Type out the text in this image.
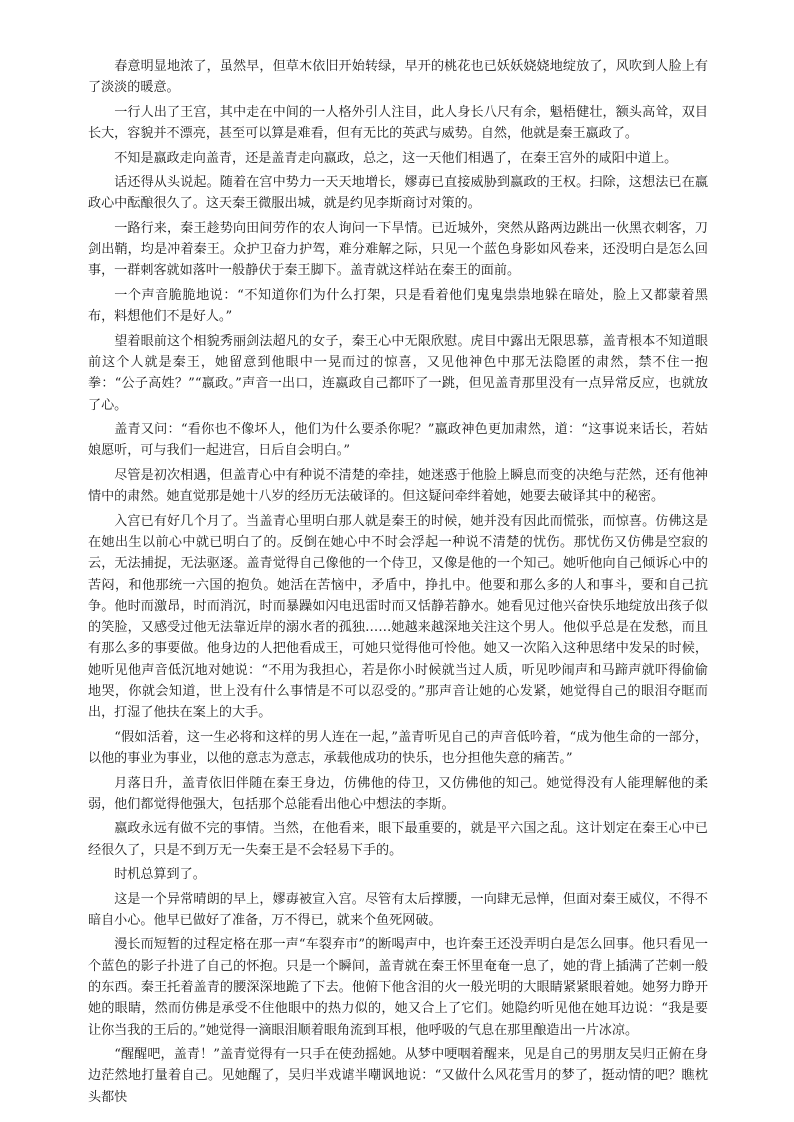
春意明显地浓了，虽然早，但草木依旧开始转绿，早开的桃花也已妖妖娆娆地绽放了，风吹到人脸上有了淡淡的暖意。

一行人出了王宫，其中走在中间的一人格外引人注目，此人身长八尺有余，魁梧健壮，额头高耸，双目长大，容貌并不漂亮，甚至可以算是难看，但有无比的英武与威势。自然，他就是秦王嬴政了。

不知是嬴政走向盖青，还是盖青走向嬴政，总之，这一天他们相遇了，在秦王宫外的咸阳中道上。

话还得从头说起。随着在宫中势力一天天地增长，嫪毐已直接威胁到嬴政的王权。扫除，这想法已在嬴政心中酝酿很久了。这天秦王微服出城，就是约见李斯商讨对策的。

一路行来，秦王趁势向田间劳作的农人询问一下旱情。已近城外，突然从路两边跳出一伙黑衣刺客，刀剑出鞘，均是冲着秦王。众护卫奋力护驾，难分难解之际，只见一个蓝色身影如风卷来，还没明白是怎么回事，一群刺客就如落叶一般静伏于秦王脚下。盖青就这样站在秦王的面前。

一个声音脆脆地说：“不知道你们为什么打架，只是看着他们鬼鬼祟祟地躲在暗处，脸上又都蒙着黑布，料想他们不是好人。”

望着眼前这个相貌秀丽剑法超凡的女子，秦王心中无限欣慰。虎目中露出无限思慕，盖青根本不知道眼前这个人就是秦王，她留意到他眼中一晃而过的惊喜，又见他神色中那无法隐匿的肃然，禁不住一抱拳：“公子高姓？”“嬴政。”声音一出口，连嬴政自己都吓了一跳，但见盖青那里没有一点异常反应，也就放了心。

盖青又问：“看你也不像坏人，他们为什么要杀你呢？”嬴政神色更加肃然，道：“这事说来话长，若姑娘愿听，可与我们一起进宫，日后自会明白。”

尽管是初次相遇，但盖青心中有种说不清楚的牵挂，她迷惑于他脸上瞬息而变的决绝与茫然，还有他神情中的肃然。她直觉那是她十八岁的经历无法破译的。但这疑问牵绊着她，她要去破译其中的秘密。

入宫已有好几个月了。当盖青心里明白那人就是秦王的时候，她并没有因此而慌张，而惊喜。仿佛这是在她出生以前心中就已明白了的。反倒在她心中不时会浮起一种说不清楚的忧伤。那忧伤又仿佛是空寂的云，无法捕捉，无法驱逐。盖青觉得自己像他的一个侍卫，又像是他的一个知己。她听他向自己倾诉心中的苦闷，和他那统一六国的抱负。她活在苦恼中，矛盾中，挣扎中。他要和那么多的人和事斗，要和自己抗争。他时而激昂，时而消沉，时而暴躁如闪电迅雷时而又恬静若静水。她看见过他兴奋快乐地绽放出孩子似的笑脸，又感受过他无法靠近岸的溺水者的孤独……她越来越深地关注这个男人。他似乎总是在发愁，而且有那么多的事要做。他身边的人把他看成王，可她只觉得他可怜他。她又一次陷入这种思绪中发呆的时候，她听见他声音低沉地对她说：“不用为我担心，若是你小时候就当过人质，听见吵闹声和马蹄声就吓得偷偷地哭，你就会知道，世上没有什么事情是不可以忍受的。”那声音让她的心发紧，她觉得自己的眼泪夺眶而出，打湿了他扶在案上的大手。

“假如活着，这一生必将和这样的男人连在一起，”盖青听见自己的声音低吟着，“成为他生命的一部分，以他的事业为事业，以他的意志为意志，承载他成功的快乐，也分担他失意的痛苦。”

月落日升，盖青依旧伴随在秦王身边，仿佛他的侍卫，又仿佛他的知己。她觉得没有人能理解他的柔弱，他们都觉得他强大，包括那个总能看出他心中想法的李斯。

嬴政永远有做不完的事情。当然，在他看来，眼下最重要的，就是平六国之乱。这计划定在秦王心中已经很久了，只是不到万无一失秦王是不会轻易下手的。

时机总算到了。

这是一个异常晴朗的早上，嫪毐被宣入宫。尽管有太后撑腰，一向肆无忌惮，但面对秦王威仪，不得不暗自小心。他早已做好了准备，万不得已，就来个鱼死网破。

漫长而短暂的过程定格在那一声“车裂弃市”的断喝声中，也许秦王还没弄明白是怎么回事。他只看见一个蓝色的影子扑进了自己的怀抱。只是一个瞬间，盖青就在秦王怀里奄奄一息了，她的背上插满了芒刺一般的东西。秦王托着盖青的腰深深地跪了下去。他俯下他含泪的火一般光明的大眼睛紧紧眼着她。她努力睁开她的眼睛，然而仿佛是承受不住他眼中的热力似的，她又合上了它们。她隐约听见他在她耳边说：“我是要让你当我的王后的。”她觉得一滴眼泪顺着眼角流到耳根，他呼吸的气息在那里酿造出一片冰凉。

“醒醒吧，盖青！”盖青觉得有一只手在使劲摇她。从梦中哽咽着醒来，见是自己的男朋友吴归正俯在身边茫然地打量着自己。见她醒了，吴归半戏谑半嘲讽地说：“又做什么风花雪月的梦了，挺动情的吧？瞧枕头都快
